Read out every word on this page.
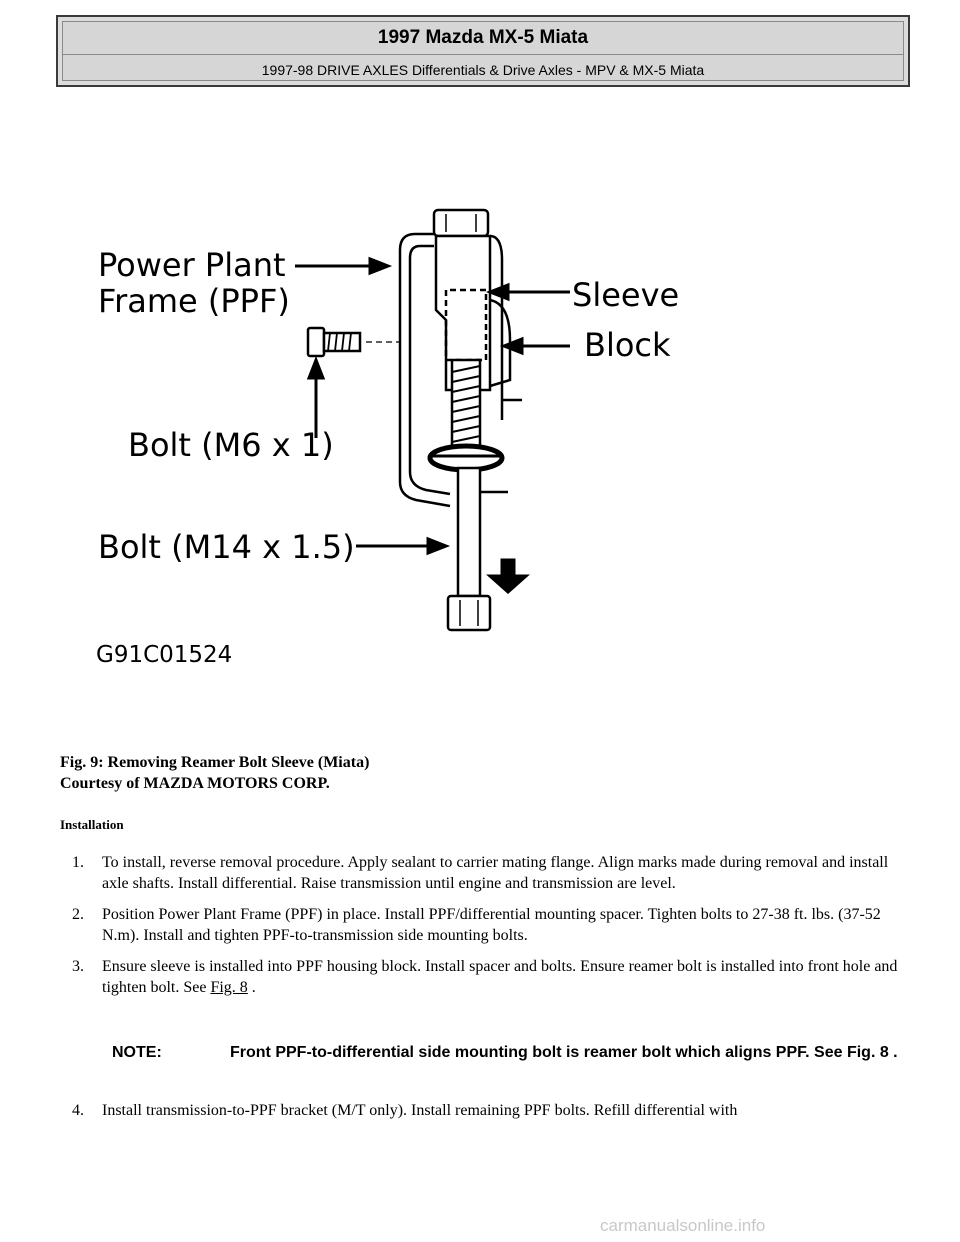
1997 Mazda MX-5 Miata
1997-98 DRIVE AXLES Differentials & Drive Axles - MPV & MX-5 Miata
Power Plant
Frame (PPF)	Sleeve
Block
Bolt (M6 x 1)
Bolt (M14 x 1.5)
G91C01524
Fig. 9: Removing Reamer Bolt Sleeve (Miata)
Courtesy of MAZDA MOTORS CORP.
Installation
1. To install, reverse removal procedure. Apply sealant to carrier mating flange. Align marks made during removal and install axle shafts. Install differential. Raise transmission until engine and transmission are level.
2. Position Power Plant Frame (PPF) in place. Install PPF/differential mounting spacer. Tighten bolts to 27-38 ft. lbs. (37-52 N.m). Install and tighten PPF-to-transmission side mounting bolts.
3. Ensure sleeve is installed into PPF housing block. Install spacer and bolts. Ensure reamer bolt is installed into front hole and tighten bolt. See Fig. 8 .
NOTE:	Front PPF-to-differential side mounting bolt is reamer bolt which aligns PPF. See Fig. 8 .
4. Install transmission-to-PPF bracket (M/T only). Install remaining PPF bolts. Refill differential with
carmanualsonline.info
